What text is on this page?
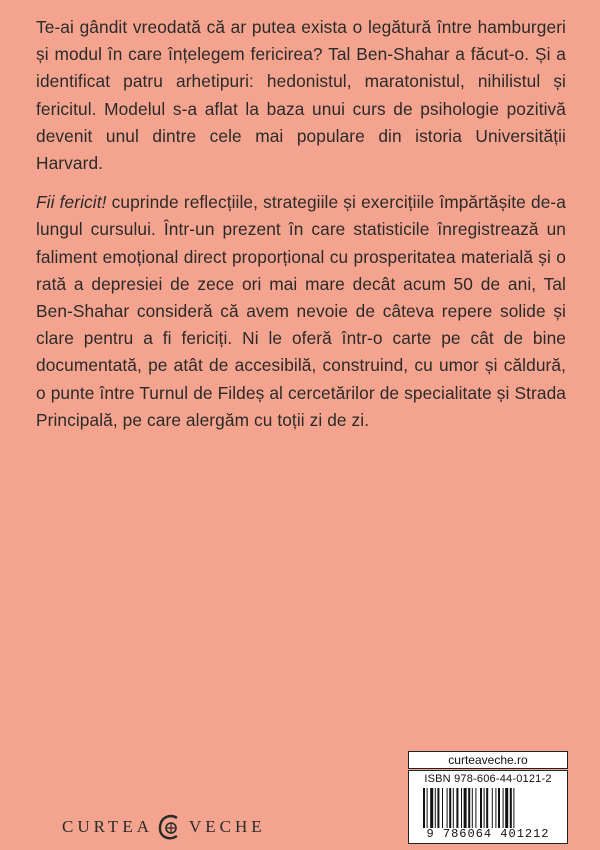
Te-ai gândit vreodată că ar putea exista o legătură între hamburgeri și modul în care înțelegem fericirea? Tal Ben-Shahar a făcut-o. Și a identificat patru arhetipuri: hedonistul, maratonistul, nihilistul și fericitul. Modelul s-a aflat la baza unui curs de psihologie pozitivă devenit unul dintre cele mai populare din istoria Universității Harvard.

Fii fericit! cuprinde reflecțiile, strategiile și exercițiile împărtășite de-a lungul cursului. Într-un prezent în care statisticile înregistrează un faliment emoțional direct proporțional cu prosperitatea materială și o rată a depresiei de zece ori mai mare decât acum 50 de ani, Tal Ben-Shahar consideră că avem nevoie de câteva repere solide și clare pentru a fi fericiți. Ni le oferă într-o carte pe cât de bine documentată, pe atât de accesibilă, construind, cu umor și căldură, o punte între Turnul de Fildeș al cercetărilor de specialitate și Strada Principală, pe care alergăm cu toții zi de zi.

curteaveche.ro
ISBN 978-606-44-0121-2
9 786064 401212
CURTEA VECHE
